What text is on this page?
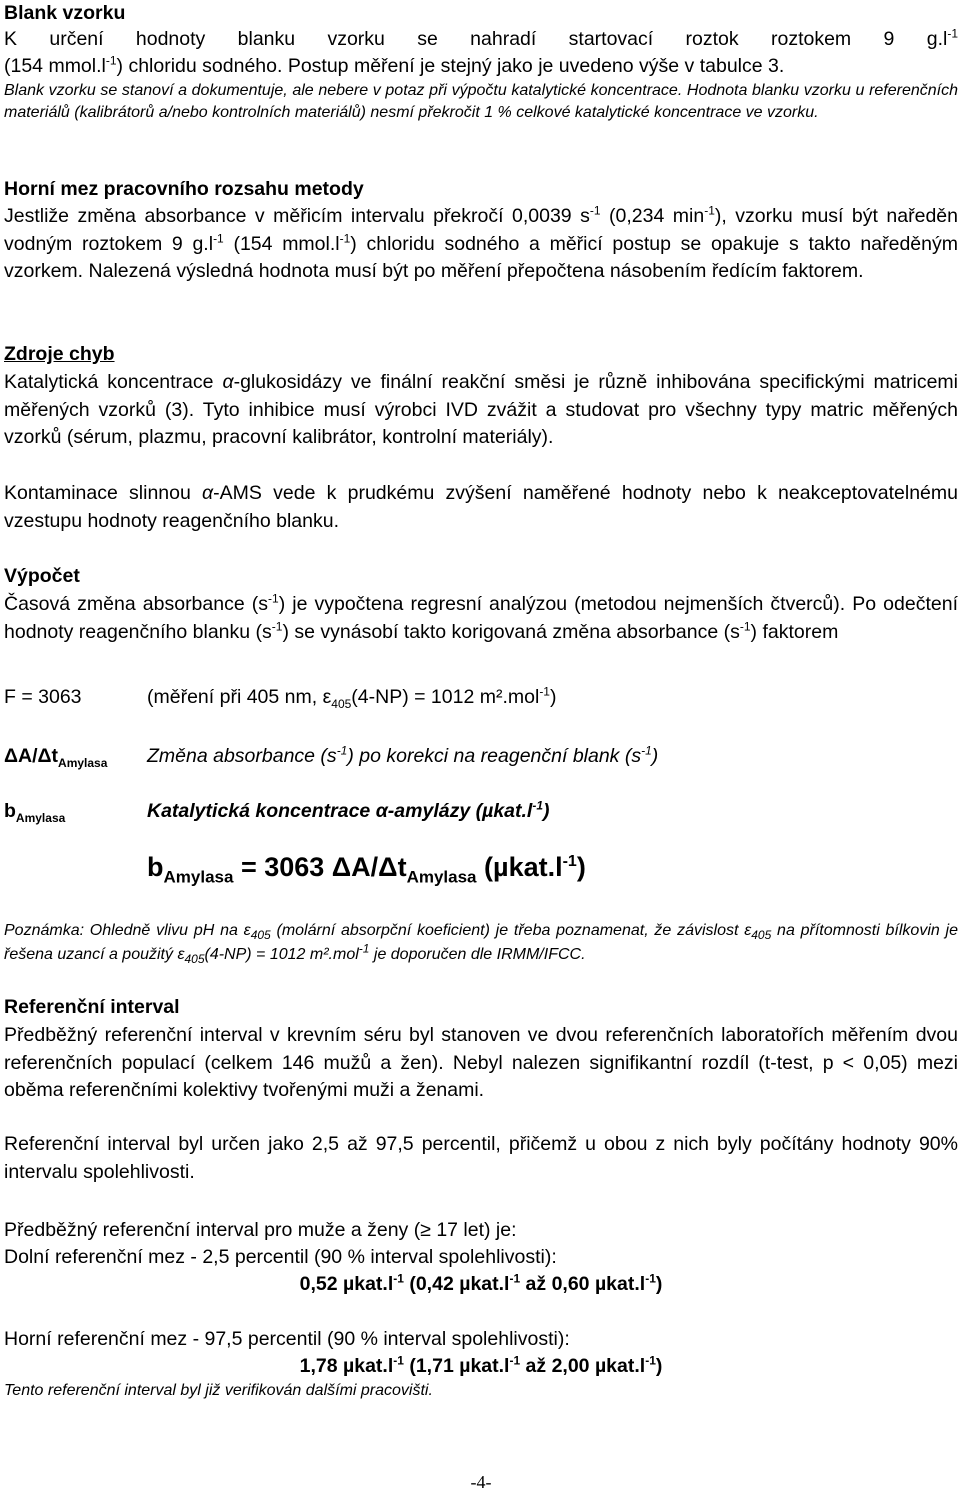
Blank vzorku
K určení hodnoty blanku vzorku se nahradí startovací roztok roztokem 9 $g.l^{-1}$
(154 $mmol.l^{-1}$) chloridu sodného. Postup měření je stejný jako je uvedeno výše v tabulce 3.
Blank vzorku se stanoví a dokumentuje, ale nebere v potaz při výpočtu katalytické koncentrace. Hodnota blanku vzorku u referenčních materiálů (kalibrátorů a/nebo kontrolních materiálů) nesmí překročit 1 % celkové katalytické koncentrace ve vzorku.
Horní mez pracovního rozsahu metody
Jestliže změna absorbance v měřicím intervalu překročí 0,0039 $s^{-1}$ (0,234 $\min^{-1}$), vzorku musí být naředěn vodným roztokem 9 $g.l^{-1}$ (154 $mmol.l^{-1}$) chloridu sodného a měřicí postup se opakuje s takto naředěným vzorkem. Nalezená výsledná hodnota musí být po měření přepočtena násobením ředícím faktorem.
Zdroje chyb
Katalytická koncentrace α-glukosidázy ve finální reakční směsi je různě inhibována specifickými matricemi měřených vzorků (3). Tyto inhibice musí výrobci IVD zvážit a studovat pro všechny typy matric měřených vzorků (sérum, plazmu, pracovní kalibrátor, kontrolní materiály).
Kontaminace slinnou α-AMS vede k prudkému zvýšení naměřené hodnoty nebo k neakceptovatelnému vzestupu hodnoty reagenčního blanku.
Výpočet
Časová změna absorbance $(s^{-1})$ je vypočtena regresní analýzou (metodou nejmenších čtverců). Po odečtení hodnoty reagenčního blanku $(s^{-1})$ se vynásobí takto korigovaná změna absorbance $(s^{-1})$ faktorem
F = 3063	(měření při 405 nm, $\varepsilon_{405}(4-NP) = 1012$ m².mol$^{-1}$)
$\Delta A/\Delta t_{Amylasa}$ Změna absorbance $(s^{-1})$ po korekci na reagenční blank $(s^{-1})$
$b_{Amylasa}$	Katalytická koncentrace α-amylázy $(\mu kat.l^{-1})$
$b_{Amylasa} = 3063$ $\Delta A/\Delta t_{Amylasa}$ $(\mu kat.l^{-1})$
Poznámka: Ohledně vlivu pH na $\varepsilon_{405}$ (molární absorpční koeficient) je třeba poznamenat, že závislost $\varepsilon_{405}$ na přítomnosti bílkovin je řešena uzancí a použitý $\varepsilon_{405}(4-NP) = 1012$ m².mol$^{-1}$ je doporučen dle IRMM/IFCC.
Referenční interval
Předběžný referenční interval v krevním séru byl stanoven ve dvou referenčních laboratořích měřením dvou referenčních populací (celkem 146 mužů a žen). Nebyl nalezen signifikantní rozdíl (t-test, p < 0,05) mezi oběma referenčními kolektivy tvořenými muži a ženami.
Referenční interval byl určen jako 2,5 až 97,5 percentil, přičemž u obou z nich byly počítány hodnoty 90% intervalu spolehlivosti.
Předběžný referenční interval pro muže a ženy (≥ 17 let) je:
Dolní referenční mez - 2,5 percentil (90 % interval spolehlivosti):
0,52 $\mu kat.l^{-1}$ (0,42 $\mu kat.l^{-1}$ až 0,60 $\mu kat.l^{-1}$)
Horní referenční mez - 97,5 percentil (90 % interval spolehlivosti):
1,78 $\mu kat.l^{-1}$ (1,71 $\mu kat.l^{-1}$ až 2,00 $\mu kat.l^{-1}$)
Tento referenční interval byl již verifikován dalšími pracovišti.
-4-
